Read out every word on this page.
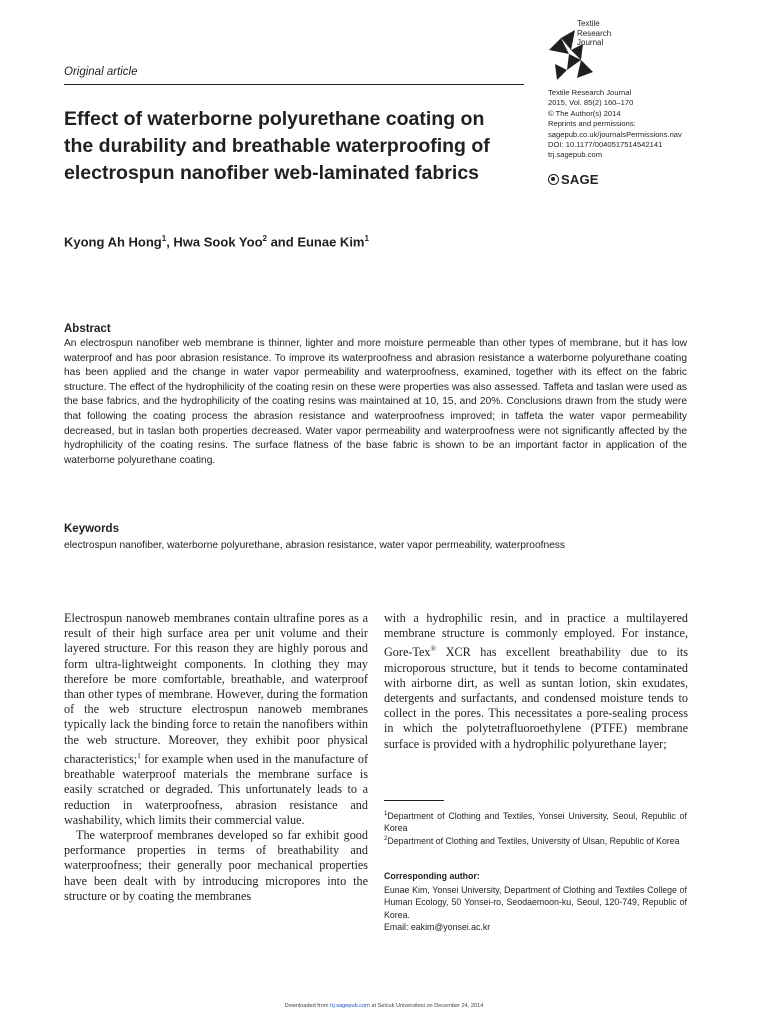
Original article
Effect of waterborne polyurethane coating on the durability and breathable waterproofing of electrospun nanofiber web-laminated fabrics
Kyong Ah Hong$^1$, Hwa Sook Yoo$^2$ and Eunae Kim$^1$
Textile
Research
Journal
Textile Research Journal
2015, Vol. 85(2) 160–170
© The Author(s) 2014
Reprints and permissions:
sagepub.co.uk/journalsPermissions.nav
DOI: 10.1177/0040517514542141
trj.sagepub.com
SAGE
Abstract
An electrospun nanofiber web membrane is thinner, lighter and more moisture permeable than other types of membrane, but it has low waterproof and has poor abrasion resistance. To improve its waterproofness and abrasion resistance a waterborne polyurethane coating has been applied and the change in water vapor permeability and waterproofness, examined, together with its effect on the fabric structure. The effect of the hydrophilicity of the coating resin on these were properties was also assessed. Taffeta and taslan were used as the base fabrics, and the hydrophilicity of the coating resins was maintained at 10, 15, and 20%. Conclusions drawn from the study were that following the coating process the abrasion resistance and waterproofness improved; in taffeta the water vapor permeability decreased, but in taslan both properties decreased. Water vapor permeability and waterproofness were not significantly affected by the hydrophilicity of the coating resins. The surface flatness of the base fabric is shown to be an important factor in application of the waterborne polyurethane coating.
Keywords
electrospun nanofiber, waterborne polyurethane, abrasion resistance, water vapor permeability, waterproofness

Electrospun nanoweb membranes contain ultrafine pores as a result of their high surface area per unit volume and their layered structure. For this reason they are highly porous and form ultra-lightweight components. In clothing they may therefore be more comfortable, breathable, and waterproof than other types of membrane. However, during the formation of the web structure electrospun nanoweb membranes typically lack the binding force to retain the nanofibers within the web structure. Moreover, they exhibit poor physical characteristics;$^1$ for example when used in the manufacture of breathable waterproof materials the membrane surface is easily scratched or degraded. This unfortunately leads to a reduction in waterproofness, abrasion resistance and washability, which limits their commercial value.

The waterproof membranes developed so far exhibit good performance properties in terms of breathability and waterproofness; their generally poor mechanical properties have been dealt with by introducing micropores into the structure or by coating the membranes

with a hydrophilic resin, and in practice a multilayered membrane structure is commonly employed. For instance, Gore-Tex® XCR has excellent breathability due to its microporous structure, but it tends to become contaminated with airborne dirt, as well as suntan lotion, skin exudates, detergents and surfactants, and condensed moisture tends to collect in the pores. This necessitates a pore-sealing process in which the polytetrafluoroethylene (PTFE) membrane surface is provided with a hydrophilic polyurethane layer;

$^1$Department of Clothing and Textiles, Yonsei University, Seoul, Republic of Korea
$^2$Department of Clothing and Textiles, University of Ulsan, Republic of Korea
Corresponding author:
Eunae Kim, Yonsei University, Department of Clothing and Textiles College of Human Ecology, 50 Yonsei-ro, Seodaemoon-ku, Seoul, 120-749, Republic of Korea.
Email: eakim@yonsei.ac.kr
Downloaded from trj.sagepub.com at Selcuk Universitesi on December 24, 2014
